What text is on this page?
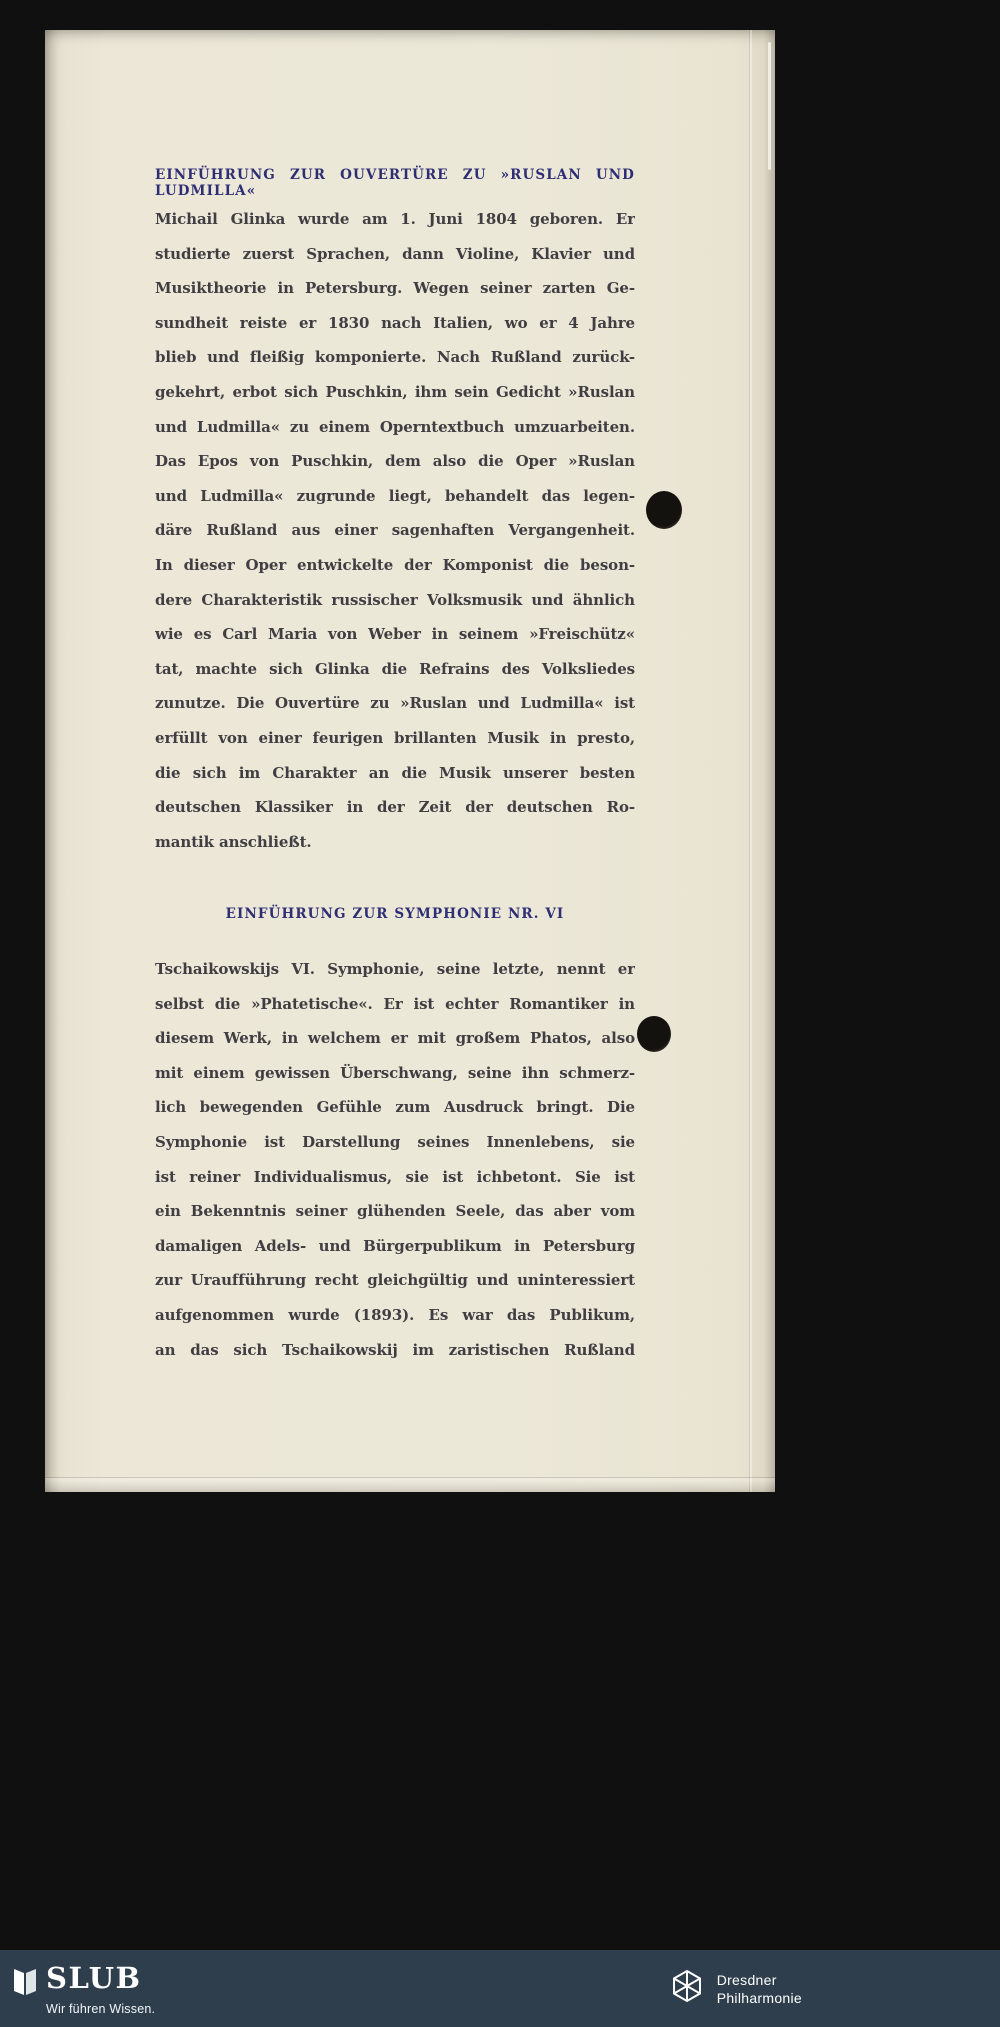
EINFÜHRUNG ZUR OUVERTÜRE ZU »RUSLAN UND LUDMILLA«
Michail Glinka wurde am 1. Juni 1804 geboren. Er
studierte zuerst Sprachen, dann Violine, Klavier und
Musiktheorie in Petersburg. Wegen seiner zarten Ge-
sundheit reiste er 1830 nach Italien, wo er 4 Jahre
blieb und fleißig komponierte. Nach Rußland zurück-
gekehrt, erbot sich Puschkin, ihm sein Gedicht »Ruslan
und Ludmilla« zu einem Operntextbuch umzuarbeiten.
Das Epos von Puschkin, dem also die Oper »Ruslan
und Ludmilla« zugrunde liegt, behandelt das legen-
däre Rußland aus einer sagenhaften Vergangenheit.
In dieser Oper entwickelte der Komponist die beson-
dere Charakteristik russischer Volksmusik und ähnlich
wie es Carl Maria von Weber in seinem »Freischütz«
tat, machte sich Glinka die Refrains des Volksliedes
zunutze. Die Ouvertüre zu »Ruslan und Ludmilla« ist
erfüllt von einer feurigen brillanten Musik in presto,
die sich im Charakter an die Musik unserer besten
deutschen Klassiker in der Zeit der deutschen Ro-
mantik anschließt.
EINFÜHRUNG ZUR SYMPHONIE NR. VI
Tschaikowskijs VI. Symphonie, seine letzte, nennt er
selbst die »Phatetische«. Er ist echter Romantiker in
diesem Werk, in welchem er mit großem Phatos, also
mit einem gewissen Überschwang, seine ihn schmerz-
lich bewegenden Gefühle zum Ausdruck bringt. Die
Symphonie ist Darstellung seines Innenlebens, sie
ist reiner Individualismus, sie ist ichbetont. Sie ist
ein Bekenntnis seiner glühenden Seele, das aber vom
damaligen Adels- und Bürgerpublikum in Petersburg
zur Uraufführung recht gleichgültig und uninteressiert
aufgenommen wurde (1893). Es war das Publikum,
an das sich Tschaikowskij im zaristischen Rußland
SLUB
Wir führen Wissen.
Dresdner
Philharmonie
